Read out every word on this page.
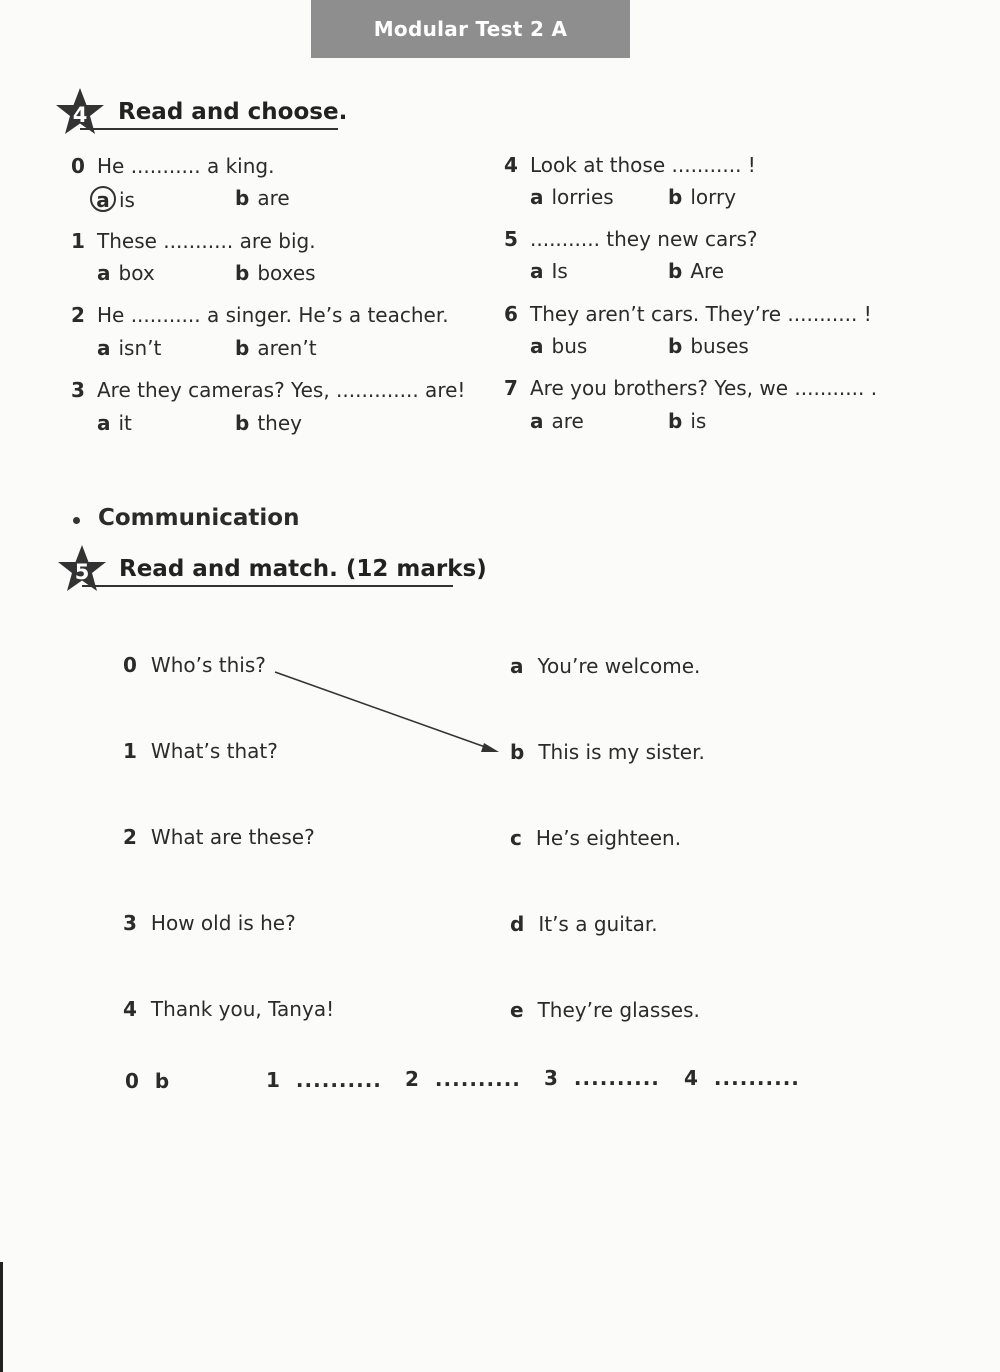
Modular Test 2 A
4	Read and choose.
0 He ........... a king.
a is	b are
1 These ........... are big.
a box	b boxes
2 He ........... a singer. He’s a teacher.
a isn’t	b aren’t
3 Are they cameras? Yes, ............. are!
a it	b they
4 Look at those ........... !
a lorries	b lorry
5 ........... they new cars?
a Is	b Are
6 They aren’t cars. They’re ........... !
a bus	b buses
7 Are you brothers? Yes, we ........... .
a are	b is
Communication
5	Read and match. (12 marks)
0 Who’s this?
1 What’s that?
2 What are these?
3 How old is he?
4 Thank you, Tanya!
a You’re welcome.
b This is my sister.
c He’s eighteen.
d It’s a guitar.
e They’re glasses.
0 b	1 .......... 2 .......... 3 .......... 4 ..........
